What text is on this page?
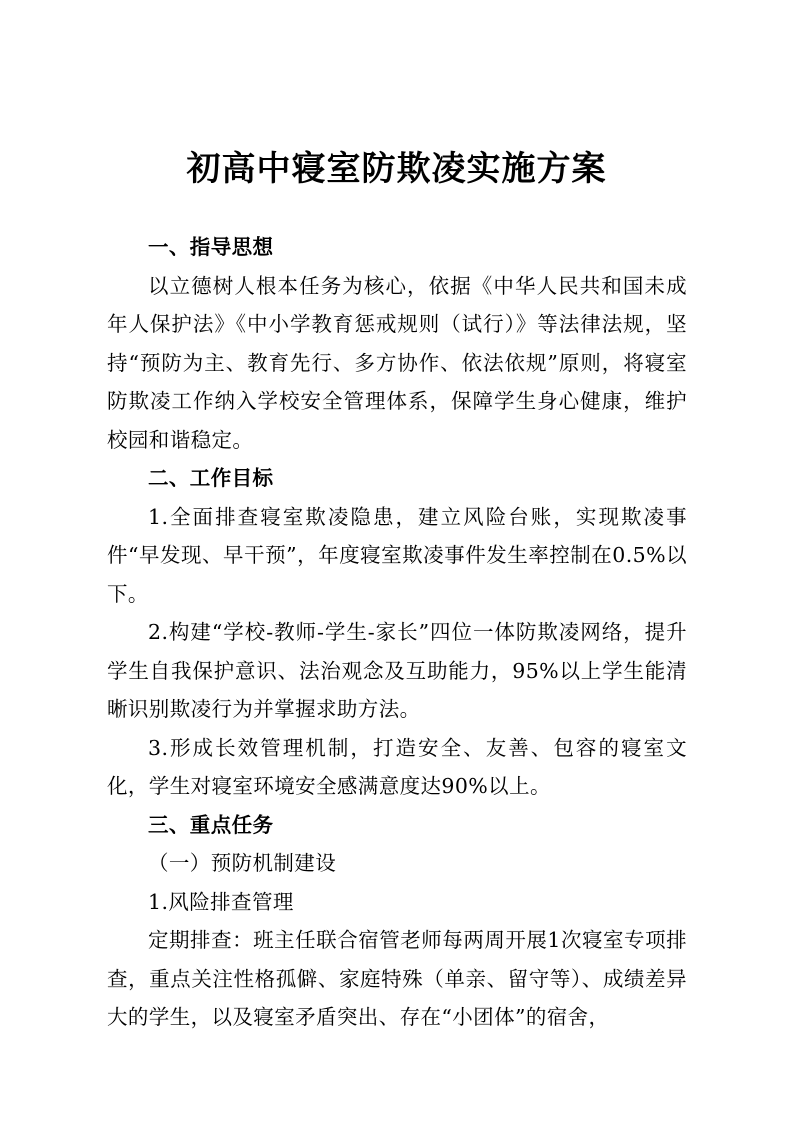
初高中寝室防欺凌实施方案

一、指导思想

以立德树人根本任务为核心，依据《中华人民共和国未成年人保护法》《中小学教育惩戒规则（试行）》等法律法规，坚持“预防为主、教育先行、多方协作、依法依规”原则，将寝室防欺凌工作纳入学校安全管理体系，保障学生身心健康，维护校园和谐稳定。

二、工作目标

1.全面排查寝室欺凌隐患，建立风险台账，实现欺凌事件“早发现、早干预”，年度寝室欺凌事件发生率控制在0.5%以下。

2.构建“学校-教师-学生-家长”四位一体防欺凌网络，提升学生自我保护意识、法治观念及互助能力，95%以上学生能清晰识别欺凌行为并掌握求助方法。

3.形成长效管理机制，打造安全、友善、包容的寝室文化，学生对寝室环境安全感满意度达90%以上。

三、重点任务

（一）预防机制建设

1.风险排查管理

定期排查：班主任联合宿管老师每两周开展1次寝室专项排查，重点关注性格孤僻、家庭特殊（单亲、留守等）、成绩差异大的学生，以及寝室矛盾突出、存在“小团体”的宿舍，
